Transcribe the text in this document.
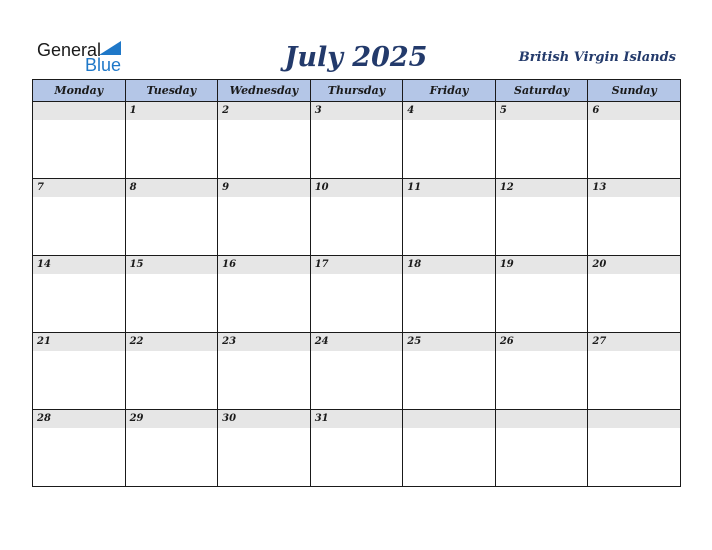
General
Blue	July 2025	British Virgin Islands
Monday	Tuesday	Wednesday	Thursday	Friday	Saturday	Sunday

	1	2	3	4	5	6

7	8	9	10	11	12	13

14	15	16	17	18	19	20

21	22	23	24	25	26	27

28	29	30	31			
